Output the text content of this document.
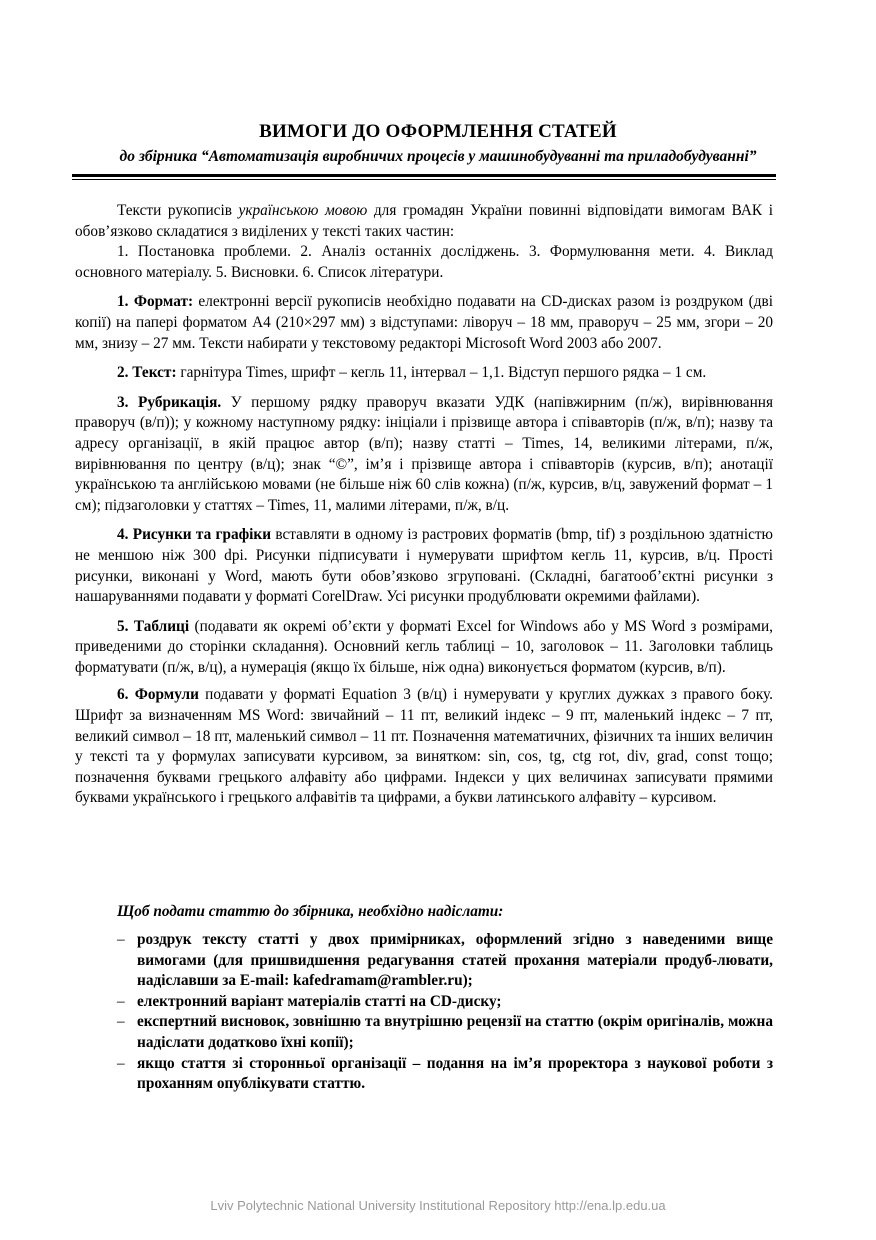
ВИМОГИ ДО ОФОРМЛЕННЯ СТАТЕЙ
до збірника “Автоматизація виробничих процесів у машинобудуванні та приладобудуванні”

Тексти рукописів українською мовою для громадян України повинні відповідати вимогам ВАК і обов’язково складатися з виділених у тексті таких частин:

1. Постановка проблеми. 2. Аналіз останніх досліджень. 3. Формулювання мети. 4. Виклад основного матеріалу. 5. Висновки. 6. Список літератури.

1. Формат: електронні версії рукописів необхідно подавати на CD-дисках разом із роздруком (дві копії) на папері форматом А4 (210×297 мм) з відступами: ліворуч – 18 мм, праворуч – 25 мм, згори – 20 мм, знизу – 27 мм. Тексти набирати у текстовому редакторі Microsoft Word 2003 або 2007.

2. Текст: гарнітура Times, шрифт – кегль 11, інтервал – 1,1. Відступ першого рядка – 1 см.

3. Рубрикація. У першому рядку праворуч вказати УДК (напівжирним (п/ж), вирівнювання праворуч (в/п)); у кожному наступному рядку: ініціали і прізвище автора і співавторів (п/ж, в/п); назву та адресу організації, в якій працює автор (в/п); назву статті – Times, 14, великими літерами, п/ж, вирівнювання по центру (в/ц); знак “©”, ім’я і прізвище автора і співавторів (курсив, в/п); анотації українською та англійською мовами (не більше ніж 60 слів кожна) (п/ж, курсив, в/ц, завужений формат – 1 см); підзаголовки у статтях – Times, 11, малими літерами, п/ж, в/ц.

4. Рисунки та графіки вставляти в одному із растрових форматів (bmp, tif) з роздільною здатністю не меншою ніж 300 dpi. Рисунки підписувати і нумерувати шрифтом кегль 11, курсив, в/ц. Прості рисунки, виконані у Word, мають бути обов’язково згруповані. (Складні, багатооб’єктні рисунки з нашаруваннями подавати у форматі CorelDraw. Усі рисунки продублювати окремими файлами).

5. Таблиці (подавати як окремі об’єкти у форматі Excel for Windows або у MS Word з розмірами, приведеними до сторінки складання). Основний кегль таблиці – 10, заголовок – 11. Заголовки таблиць форматувати (п/ж, в/ц), а нумерація (якщо їх більше, ніж одна) виконується форматом (курсив, в/п).

6. Формули подавати у форматі Equation 3 (в/ц) і нумерувати у круглих дужках з правого боку. Шрифт за визначенням MS Word: звичайний – 11 пт, великий індекс – 9 пт, маленький індекс – 7 пт, великий символ – 18 пт, маленький символ – 11 пт. Позначення математичних, фізичних та інших величин у тексті та у формулах записувати курсивом, за винятком: sin, cos, tg, ctg rot, div, grad, const тощо; позначення буквами грецького алфавіту або цифрами. Індекси у цих величинах записувати прямими буквами українського і грецького алфавітів та цифрами, а букви латинського алфавіту – курсивом.

Щоб подати статтю до збірника, необхідно надіслати:
– роздрук тексту статті у двох примірниках, оформлений згідно з наведеними вище вимогами (для пришвидшення редагування статей прохання матеріали продуб-лювати, надіславши за E-mail: kafedramam@rambler.ru);
– електронний варіант матеріалів статті на CD-диску;
– експертний висновок, зовнішню та внутрішню рецензії на статтю (окрім оригіналів, можна надіслати додатково їхні копії);
– якщо стаття зі сторонньої організації – подання на ім’я проректора з наукової роботи з проханням опублікувати статтю.
Lviv Polytechnic National University Institutional Repository http://ena.lp.edu.ua
